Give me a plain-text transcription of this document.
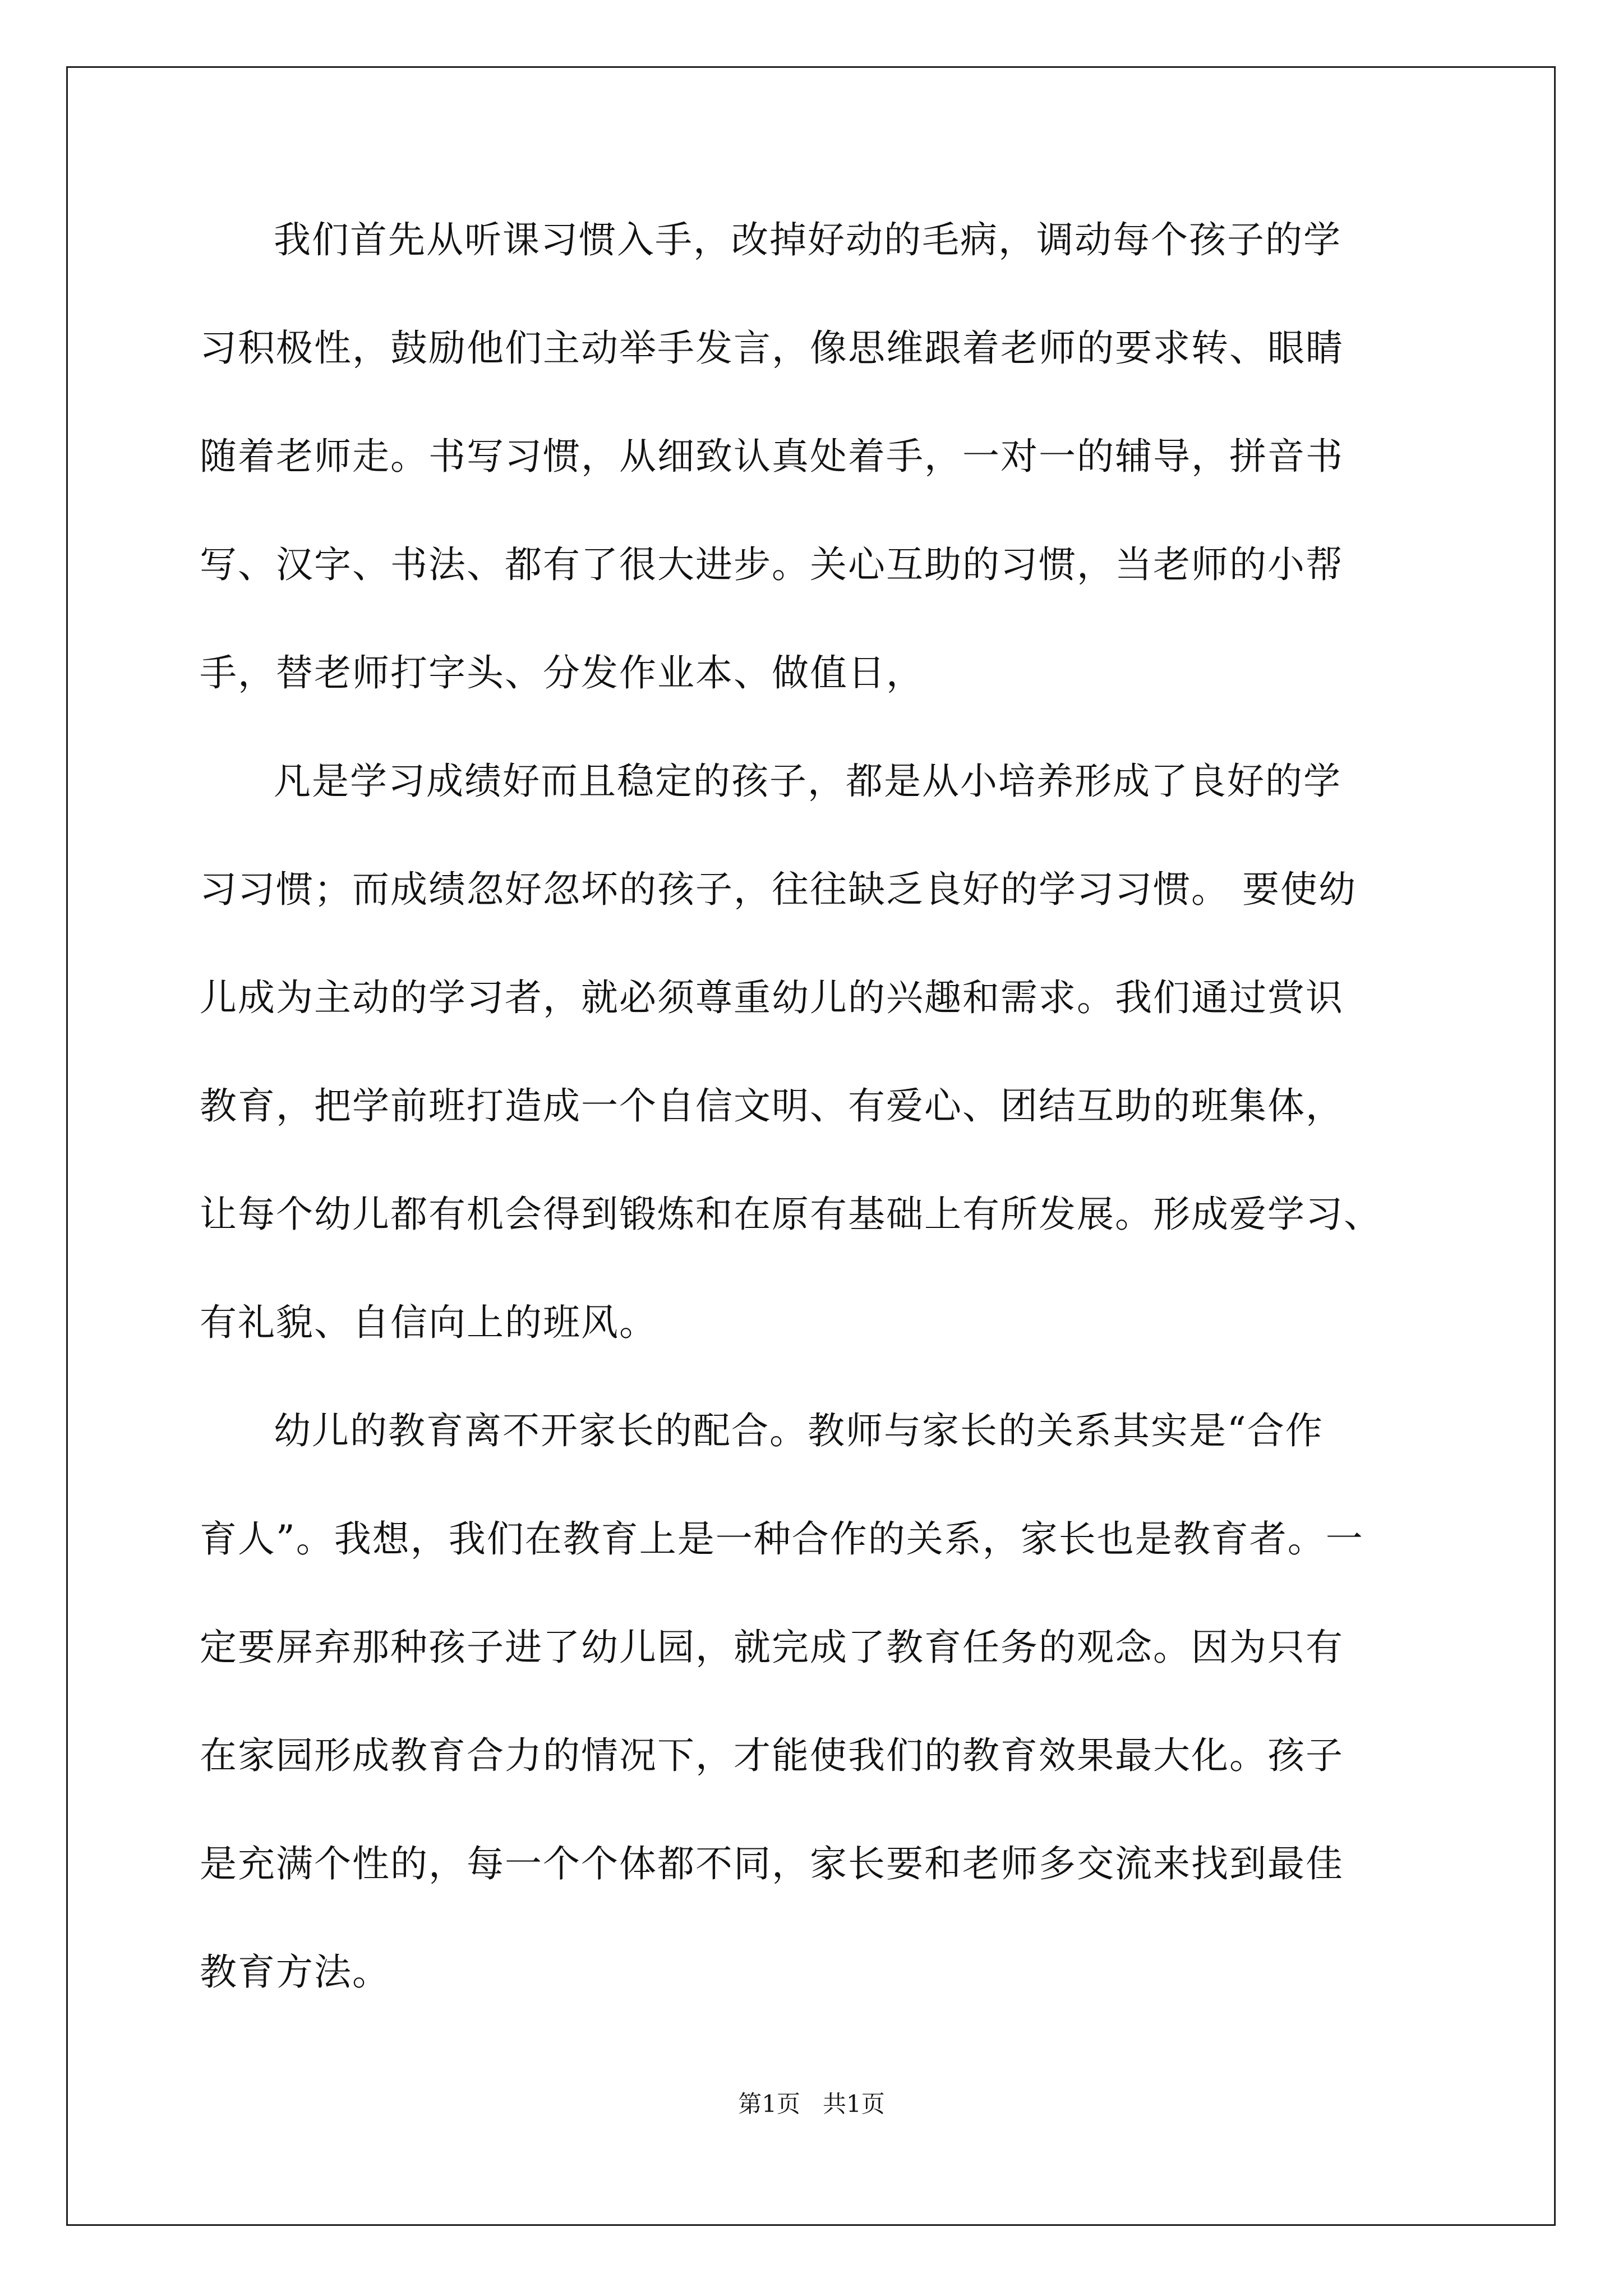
我们首先从听课习惯入手，改掉好动的毛病，调动每个孩子的学
习积极性，鼓励他们主动举手发言，像思维跟着老师的要求转、眼睛
随着老师走。书写习惯，从细致认真处着手，一对一的辅导，拼音书
写、汉字、书法、都有了很大进步。关心互助的习惯，当老师的小帮
手，替老师打字头、分发作业本、做值日，
凡是学习成绩好而且稳定的孩子，都是从小培养形成了良好的学
习习惯；而成绩忽好忽坏的孩子，往往缺乏良好的学习习惯。 要使幼
儿成为主动的学习者，就必须尊重幼儿的兴趣和需求。我们通过赏识
教育，把学前班打造成一个自信文明、有爱心、团结互助的班集体，
让每个幼儿都有机会得到锻炼和在原有基础上有所发展。形成爱学习、
有礼貌、自信向上的班风。
幼儿的教育离不开家长的配合。教师与家长的关系其实是“合作
育人”。我想，我们在教育上是一种合作的关系，家长也是教育者。一
定要屏弃那种孩子进了幼儿园，就完成了教育任务的观念。因为只有
在家园形成教育合力的情况下，才能使我们的教育效果最大化。孩子
是充满个性的，每一个个体都不同，家长要和老师多交流来找到最佳
教育方法。
第1页   共1页
